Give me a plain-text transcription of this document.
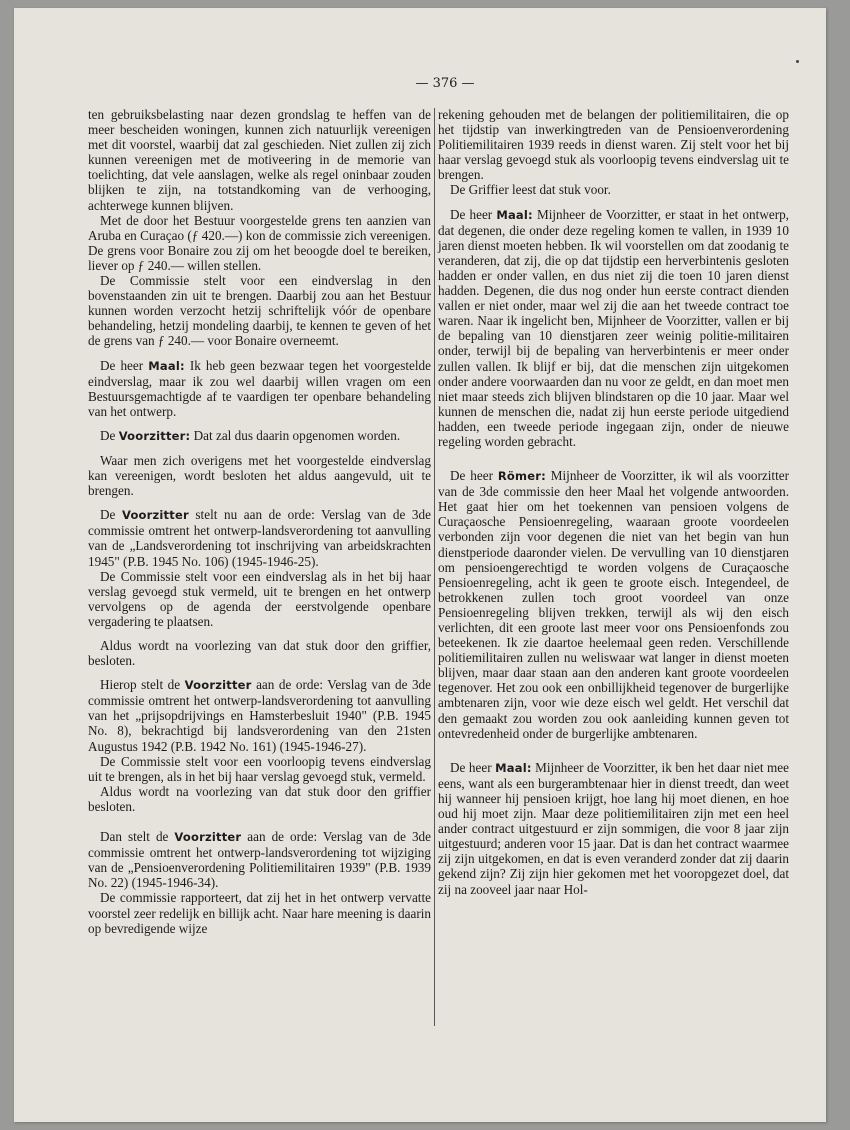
— 376 —

ten gebruiksbelasting naar dezen grondslag te heffen van de meer bescheiden woningen, kunnen zich natuurlijk vereenigen met dit voorstel, waarbij dat zal geschieden. Niet zullen zij zich kunnen vereenigen met de motiveering in de memorie van toelichting, dat vele aanslagen, welke als regel oninbaar zouden blijken te zijn, na totstandkoming van de verhooging, achterwege kunnen blijven.

Met de door het Bestuur voorgestelde grens ten aanzien van Aruba en Curaçao (ƒ 420.—) kon de commissie zich vereenigen. De grens voor Bonaire zou zij om het beoogde doel te bereiken, liever op ƒ 240.— willen stellen.

De Commissie stelt voor een eindverslag in den bovenstaanden zin uit te brengen. Daarbij zou aan het Bestuur kunnen worden verzocht hetzij schriftelijk vóór de openbare behandeling, hetzij mondeling daarbij, te kennen te geven of het de grens van ƒ 240.— voor Bonaire overneemt.

De heer Maal: Ik heb geen bezwaar tegen het voorgestelde eindverslag, maar ik zou wel daarbij willen vragen om een Bestuursgemachtigde af te vaardigen ter openbare behandeling van het ontwerp.

De Voorzitter: Dat zal dus daarin opgenomen worden.

Waar men zich overigens met het voorgestelde eindverslag kan vereenigen, wordt besloten het aldus aangevuld, uit te brengen.

De Voorzitter stelt nu aan de orde: Verslag van de 3de commissie omtrent het ontwerp-landsverordening tot aanvulling van de „Landsverordening tot inschrijving van arbeidskrachten 1945" (P.B. 1945 No. 106) (1945-1946-25).

De Commissie stelt voor een eindverslag als in het bij haar verslag gevoegd stuk vermeld, uit te brengen en het ontwerp vervolgens op de agenda der eerstvolgende openbare vergadering te plaatsen.

Aldus wordt na voorlezing van dat stuk door den griffier, besloten.

Hierop stelt de Voorzitter aan de orde: Verslag van de 3de commissie omtrent het ontwerp-landsverordening tot aanvulling van het „prijsopdrijvings en Hamsterbesluit 1940" (P.B. 1945 No. 8), bekrachtigd bij landsverordening van den 21sten Augustus 1942 (P.B. 1942 No. 161) (1945-1946-27).

De Commissie stelt voor een voorloopig tevens eindverslag uit te brengen, als in het bij haar verslag gevoegd stuk, vermeld.

Aldus wordt na voorlezing van dat stuk door den griffier besloten.

Dan stelt de Voorzitter aan de orde: Verslag van de 3de commissie omtrent het ontwerp-landsverordening tot wijziging van de „Pensioenverordening Politiemilitairen 1939" (P.B. 1939 No. 22) (1945-1946-34).

De commissie rapporteert, dat zij het in het ontwerp vervatte voorstel zeer redelijk en billijk acht. Naar hare meening is daarin op bevredigende wijze

rekening gehouden met de belangen der politiemilitairen, die op het tijdstip van inwerkingtreden van de Pensioenverordening Politiemilitairen 1939 reeds in dienst waren. Zij stelt voor het bij haar verslag gevoegd stuk als voorloopig tevens eindverslag uit te brengen.

De Griffier leest dat stuk voor.

De heer Maal: Mijnheer de Voorzitter, er staat in het ontwerp, dat degenen, die onder deze regeling komen te vallen, in 1939 10 jaren dienst moeten hebben. Ik wil voorstellen om dat zoodanig te veranderen, dat zij, die op dat tijdstip een herverbintenis gesloten hadden er onder vallen, en dus niet zij die toen 10 jaren dienst hadden. Degenen, die dus nog onder hun eerste contract dienden vallen er niet onder, maar wel zij die aan het tweede contract toe waren. Naar ik ingelicht ben, Mijnheer de Voorzitter, vallen er bij de bepaling van 10 dienstjaren zeer weinig politie-militairen onder, terwijl bij de bepaling van herverbintenis er meer onder zullen vallen. Ik blijf er bij, dat die menschen zijn uitgekomen onder andere voorwaarden dan nu voor ze geldt, en dan moet men niet maar steeds zich blijven blindstaren op die 10 jaar. Maar wel kunnen de menschen die, nadat zij hun eerste periode uitgediend hadden, een tweede periode ingegaan zijn, onder de nieuwe regeling worden gebracht.

De heer Römer: Mijnheer de Voorzitter, ik wil als voorzitter van de 3de commissie den heer Maal het volgende antwoorden. Het gaat hier om het toekennen van pensioen volgens de Curaçaosche Pensioenregeling, waaraan groote voordeelen verbonden zijn voor degenen die niet van het begin van hun dienstperiode daaronder vielen. De vervulling van 10 dienstjaren om pensioengerechtigd te worden volgens de Curaçaosche Pensioenregeling, acht ik geen te groote eisch. Integendeel, de betrokkenen zullen toch groot voordeel van onze Pensioenregeling blijven trekken, terwijl als wij den eisch verlichten, dit een groote last meer voor ons Pensioenfonds zou beteekenen. Ik zie daartoe heelemaal geen reden. Verschillende politiemilitairen zullen nu weliswaar wat langer in dienst moeten blijven, maar daar staan aan den anderen kant groote voordeelen tegenover. Het zou ook een onbillijkheid tegenover de burgerlijke ambtenaren zijn, voor wie deze eisch wel geldt. Het verschil dat den gemaakt zou worden zou ook aanleiding kunnen geven tot ontevredenheid onder de burgerlijke ambtenaren.

De heer Maal: Mijnheer de Voorzitter, ik ben het daar niet mee eens, want als een burgerambtenaar hier in dienst treedt, dan weet hij wanneer hij pensioen krijgt, hoe lang hij moet dienen, en hoe oud hij moet zijn. Maar deze politiemilitairen zijn met een heel ander contract uitgestuurd er zijn sommigen, die voor 8 jaar zijn uitgestuurd; anderen voor 15 jaar. Dat is dan het contract waarmee zij zijn uitgekomen, en dat is even veranderd zonder dat zij daarin gekend zijn? Zij zijn hier gekomen met het vooropgezet doel, dat zij na zooveel jaar naar Hol-
